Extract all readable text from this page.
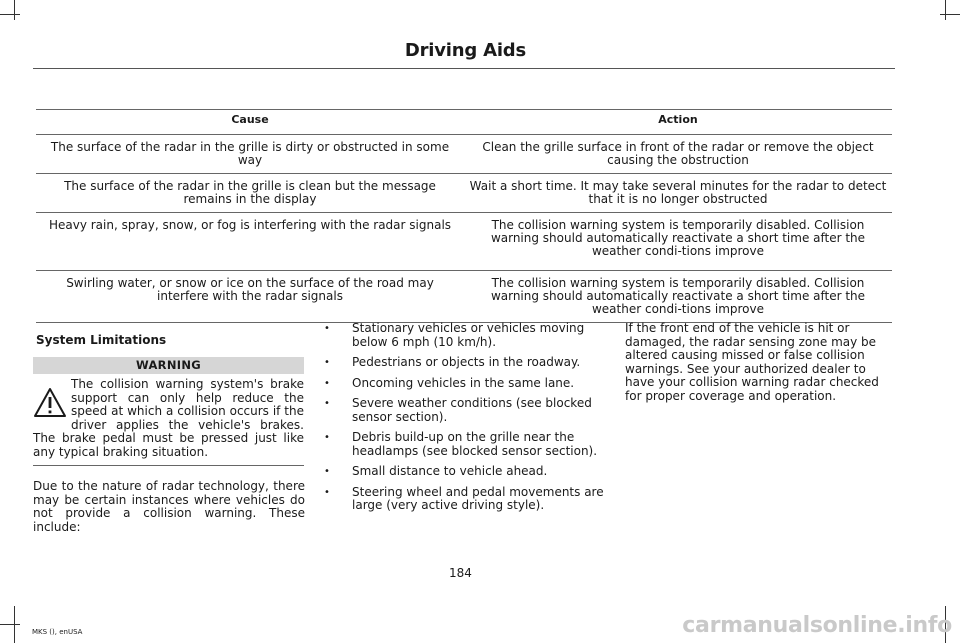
Driving Aids
Cause	Action
The surface of the radar in the grille is dirty or obstructed in some way	Clean the grille surface in front of the radar or remove the object causing the obstruction
The surface of the radar in the grille is clean but the message remains in the display	Wait a short time. It may take several minutes for the radar to detect that it is no longer obstructed
Heavy rain, spray, snow, or fog is interfering with the radar signals	The collision warning system is temporarily disabled. Collision warning should automatically reactivate a short time after the weather condi-tions improve
Swirling water, or snow or ice on the surface of the road may interfere with the radar signals	The collision warning system is temporarily disabled. Collision warning should automatically reactivate a short time after the weather condi-tions improve
System Limitations
WARNING
The collision warning system's brake support can only help reduce the speed at which a collision occurs if the driver applies the vehicle's brakes. The brake pedal must be pressed just like any typical braking situation.

Due to the nature of radar technology, there may be certain instances where vehicles do not provide a collision warning. These include:

• Stationary vehicles or vehicles moving below 6 mph (10 km/h).
• Pedestrians or objects in the roadway.
• Oncoming vehicles in the same lane.
• Severe weather conditions (see blocked sensor section).
• Debris build-up on the grille near the headlamps (see blocked sensor section).
• Small distance to vehicle ahead.
• Steering wheel and pedal movements are large (very active driving style).

If the front end of the vehicle is hit or damaged, the radar sensing zone may be altered causing missed or false collision warnings. See your authorized dealer to have your collision warning radar checked for proper coverage and operation.

184
MKS (), enUSA	carmanualsonline.info
